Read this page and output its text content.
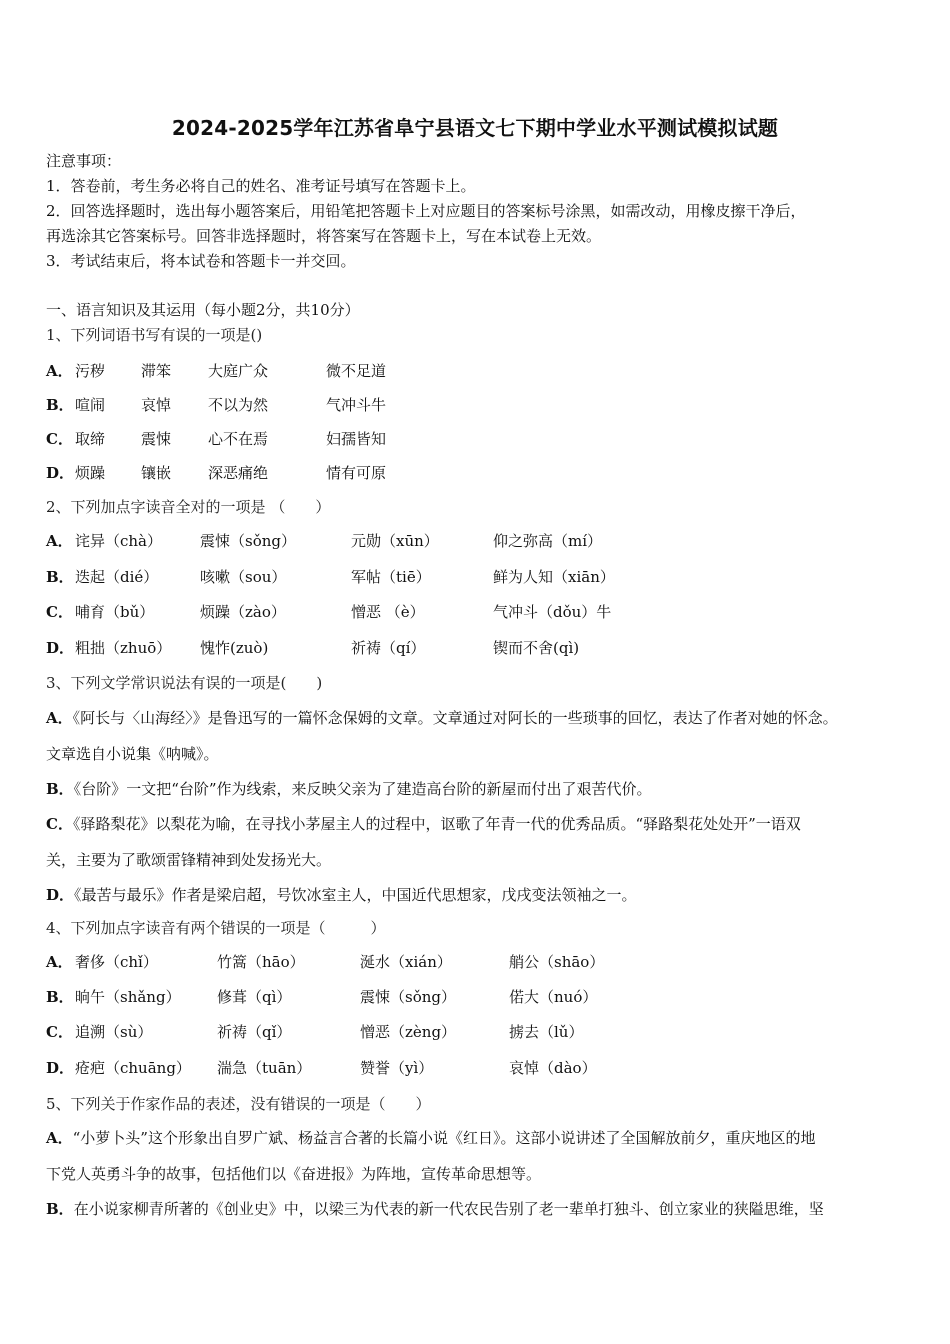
2024-2025学年江苏省阜宁县语文七下期中学业水平测试模拟试题
注意事项：
1．答卷前，考生务必将自己的姓名、准考证号填写在答题卡上。
2．回答选择题时，选出每小题答案后，用铅笔把答题卡上对应题目的答案标号涂黑，如需改动，用橡皮擦干净后，
再选涂其它答案标号。回答非选择题时，将答案写在答题卡上，写在本试卷上无效。
3．考试结束后，将本试卷和答题卡一并交回。
一、语言知识及其运用（每小题2分，共10分）
1、下列词语书写有误的一项是()
A． 污秽 滞笨 大庭广众	微不足道
B． 喧闹 哀悼 不以为然	气冲斗牛
C． 取缔 震悚 心不在焉	妇孺皆知
D． 烦躁 镶嵌 深恶痛绝	情有可原
2、下列加点字读音全对的一项是 （　　）
A． 诧异（chà）	震悚（sǒng）	元勋（xūn）	仰之弥高（mí）
B． 迭起（dié）	咳嗽（sou）	军帖（tiē）	鲜为人知（xiān）
C． 哺育（bǔ）	烦躁（zào）	憎恶 （è）	气冲斗（dǒu）牛
D． 粗拙（zhuō） 愧怍(zuò)	祈祷（qí）	锲而不舍(qì)
3、下列文学常识说法有误的一项是(　　)
A．《阿长与〈山海经〉》是鲁迅写的一篇怀念保姆的文章。文章通过对阿长的一些琐事的回忆，表达了作者对她的怀念。
文章选自小说集《呐喊》。
B．《台阶》一文把“台阶”作为线索，来反映父亲为了建造高台阶的新屋而付出了艰苦代价。
C．《驿路梨花》以梨花为喻，在寻找小茅屋主人的过程中，讴歌了年青一代的优秀品质。“驿路梨花处处开”一语双
关，主要为了歌颂雷锋精神到处发扬光大。
D．《最苦与最乐》作者是梁启超，号饮冰室主人，中国近代思想家，戊戌变法领袖之一。
4、下列加点字读音有两个错误的一项是（　　　）
A． 奢侈（chǐ）	竹篙（hāo）	涎水（xián）	艄公（shāo）
B． 晌午（shǎng） 修葺（qì）	震悚（sǒng）	偌大（nuó）
C． 追溯（sù）	祈祷（qǐ）	憎恶（zèng）	掳去（lǔ）
D． 疮疤（chuāng） 湍急（tuān）	赞誉（yì）	哀悼（dào）
5、下列关于作家作品的表述，没有错误的一项是（　　）
A．“小萝卜头”这个形象出自罗广斌、杨益言合著的长篇小说《红日》。这部小说讲述了全国解放前夕，重庆地区的地
下党人英勇斗争的故事，包括他们以《奋进报》为阵地，宣传革命思想等。
B．在小说家柳青所著的《创业史》中，以梁三为代表的新一代农民告别了老一辈单打独斗、创立家业的狭隘思维，坚
